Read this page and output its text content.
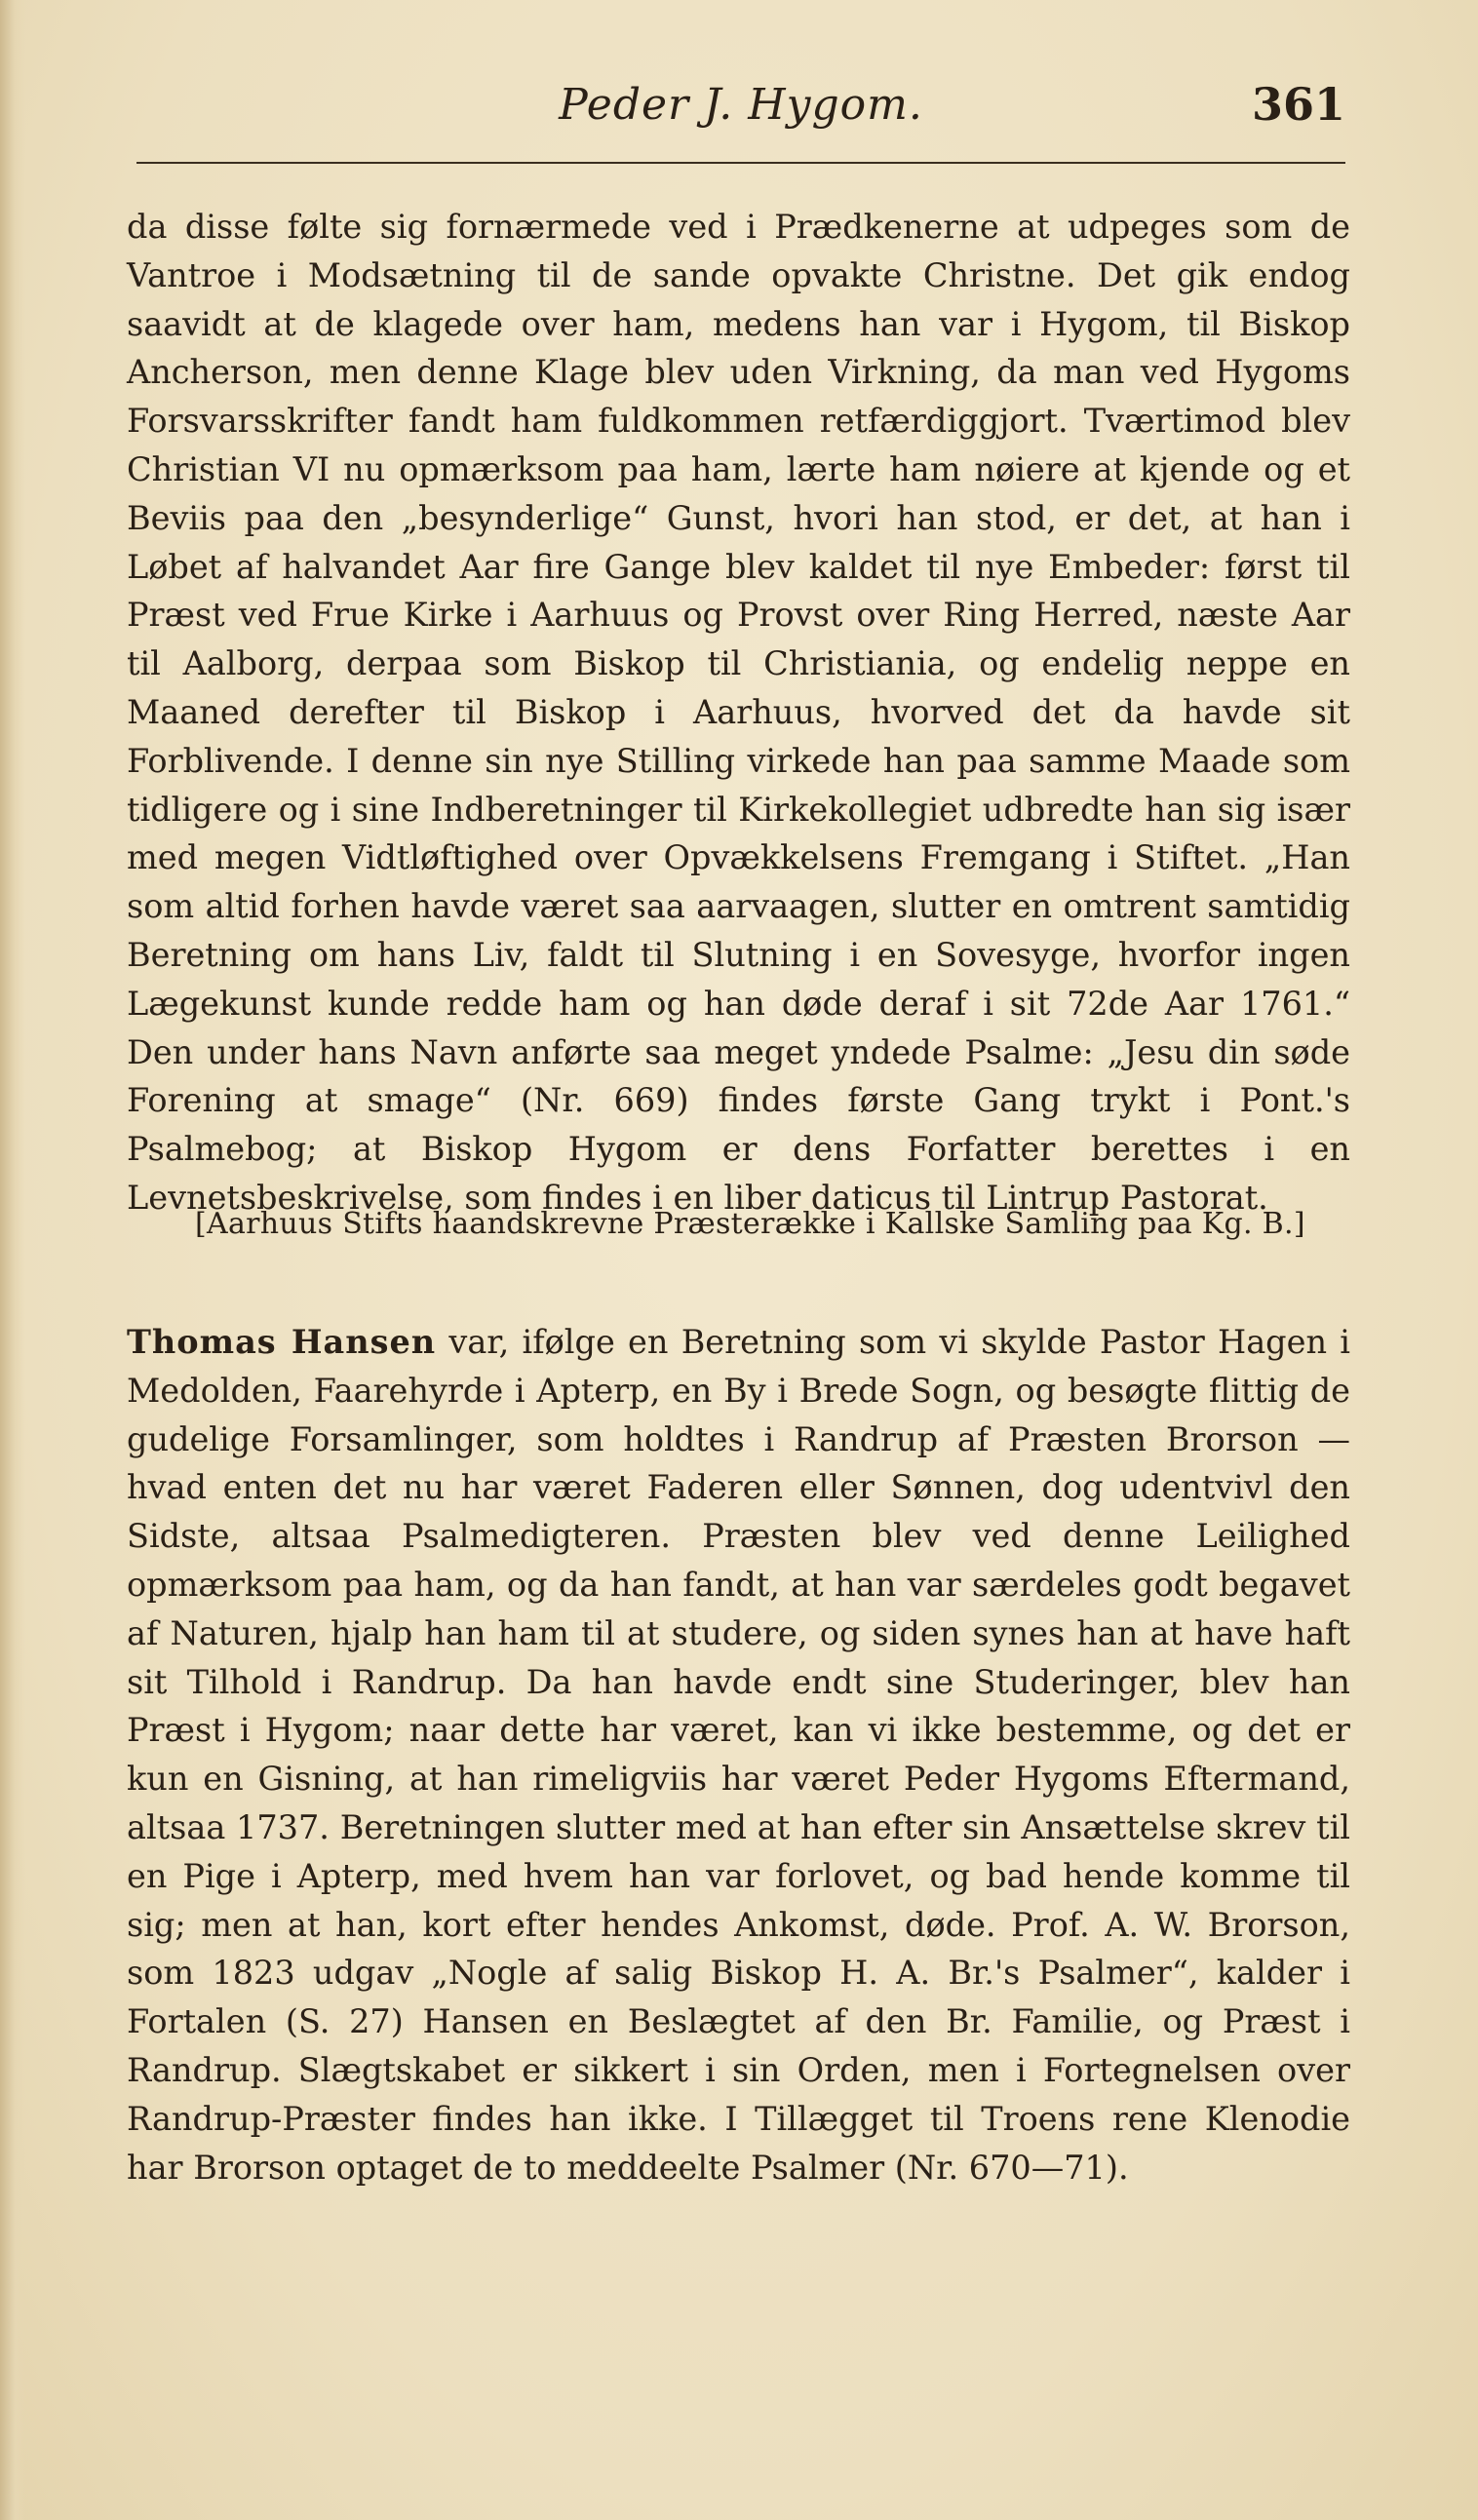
Peder J. Hygom.	361

da disse følte sig fornærmede ved i Prædkenerne at udpeges som de Vantroe i Modsætning til de sande opvakte Christne. Det gik endog saavidt at de klagede over ham, medens han var i Hygom, til Biskop Ancherson, men denne Klage blev uden Virkning, da man ved Hygoms Forsvarsskrifter fandt ham fuldkommen retfærdiggjort. Tværtimod blev Christian VI nu opmærksom paa ham, lærte ham nøiere at kjende og et Beviis paa den „besynderlige“ Gunst, hvori han stod, er det, at han i Løbet af halvandet Aar fire Gange blev kaldet til nye Embeder: først til Præst ved Frue Kirke i Aarhuus og Provst over Ring Herred, næste Aar til Aalborg, derpaa som Biskop til Christiania, og endelig neppe en Maaned derefter til Biskop i Aarhuus, hvorved det da havde sit Forblivende. I denne sin nye Stilling virkede han paa samme Maade som tidligere og i sine Indberetninger til Kirkekollegiet udbredte han sig især med megen Vidtløftighed over Opvækkelsens Fremgang i Stiftet. „Han som altid forhen havde været saa aarvaagen, slutter en omtrent samtidig Beretning om hans Liv, faldt til Slutning i en Sovesyge, hvorfor ingen Lægekunst kunde redde ham og han døde deraf i sit 72de Aar 1761.“ Den under hans Navn anførte saa meget yndede Psalme: „Jesu din søde Forening at smage“ (Nr. 669) findes første Gang trykt i Pont.'s Psalmebog; at Biskop Hygom er dens Forfatter berettes i en Levnetsbeskrivelse, som findes i en liber daticus til Lintrup Pastorat.

[Aarhuus Stifts haandskrevne Præsterække i Kallske Samling paa Kg. B.]

Thomas Hansen var, ifølge en Beretning som vi skylde Pastor Hagen i Medolden, Faarehyrde i Apterp, en By i Brede Sogn, og besøgte flittig de gudelige Forsamlinger, som holdtes i Randrup af Præsten Brorson — hvad enten det nu har været Faderen eller Sønnen, dog udentvivl den Sidste, altsaa Psalmedigteren. Præsten blev ved denne Leilighed opmærksom paa ham, og da han fandt, at han var særdeles godt begavet af Naturen, hjalp han ham til at studere, og siden synes han at have haft sit Tilhold i Randrup. Da han havde endt sine Studeringer, blev han Præst i Hygom; naar dette har været, kan vi ikke bestemme, og det er kun en Gisning, at han rimeligviis har været Peder Hygoms Eftermand, altsaa 1737. Beretningen slutter med at han efter sin Ansættelse skrev til en Pige i Apterp, med hvem han var forlovet, og bad hende komme til sig; men at han, kort efter hendes Ankomst, døde. Prof. A. W. Brorson, som 1823 udgav „Nogle af salig Biskop H. A. Br.'s Psalmer“, kalder i Fortalen (S. 27) Hansen en Beslægtet af den Br. Familie, og Præst i Randrup. Slægtskabet er sikkert i sin Orden, men i Fortegnelsen over Randrup-Præster findes han ikke. I Tillægget til Troens rene Klenodie har Brorson optaget de to meddeelte Psalmer (Nr. 670—71).
